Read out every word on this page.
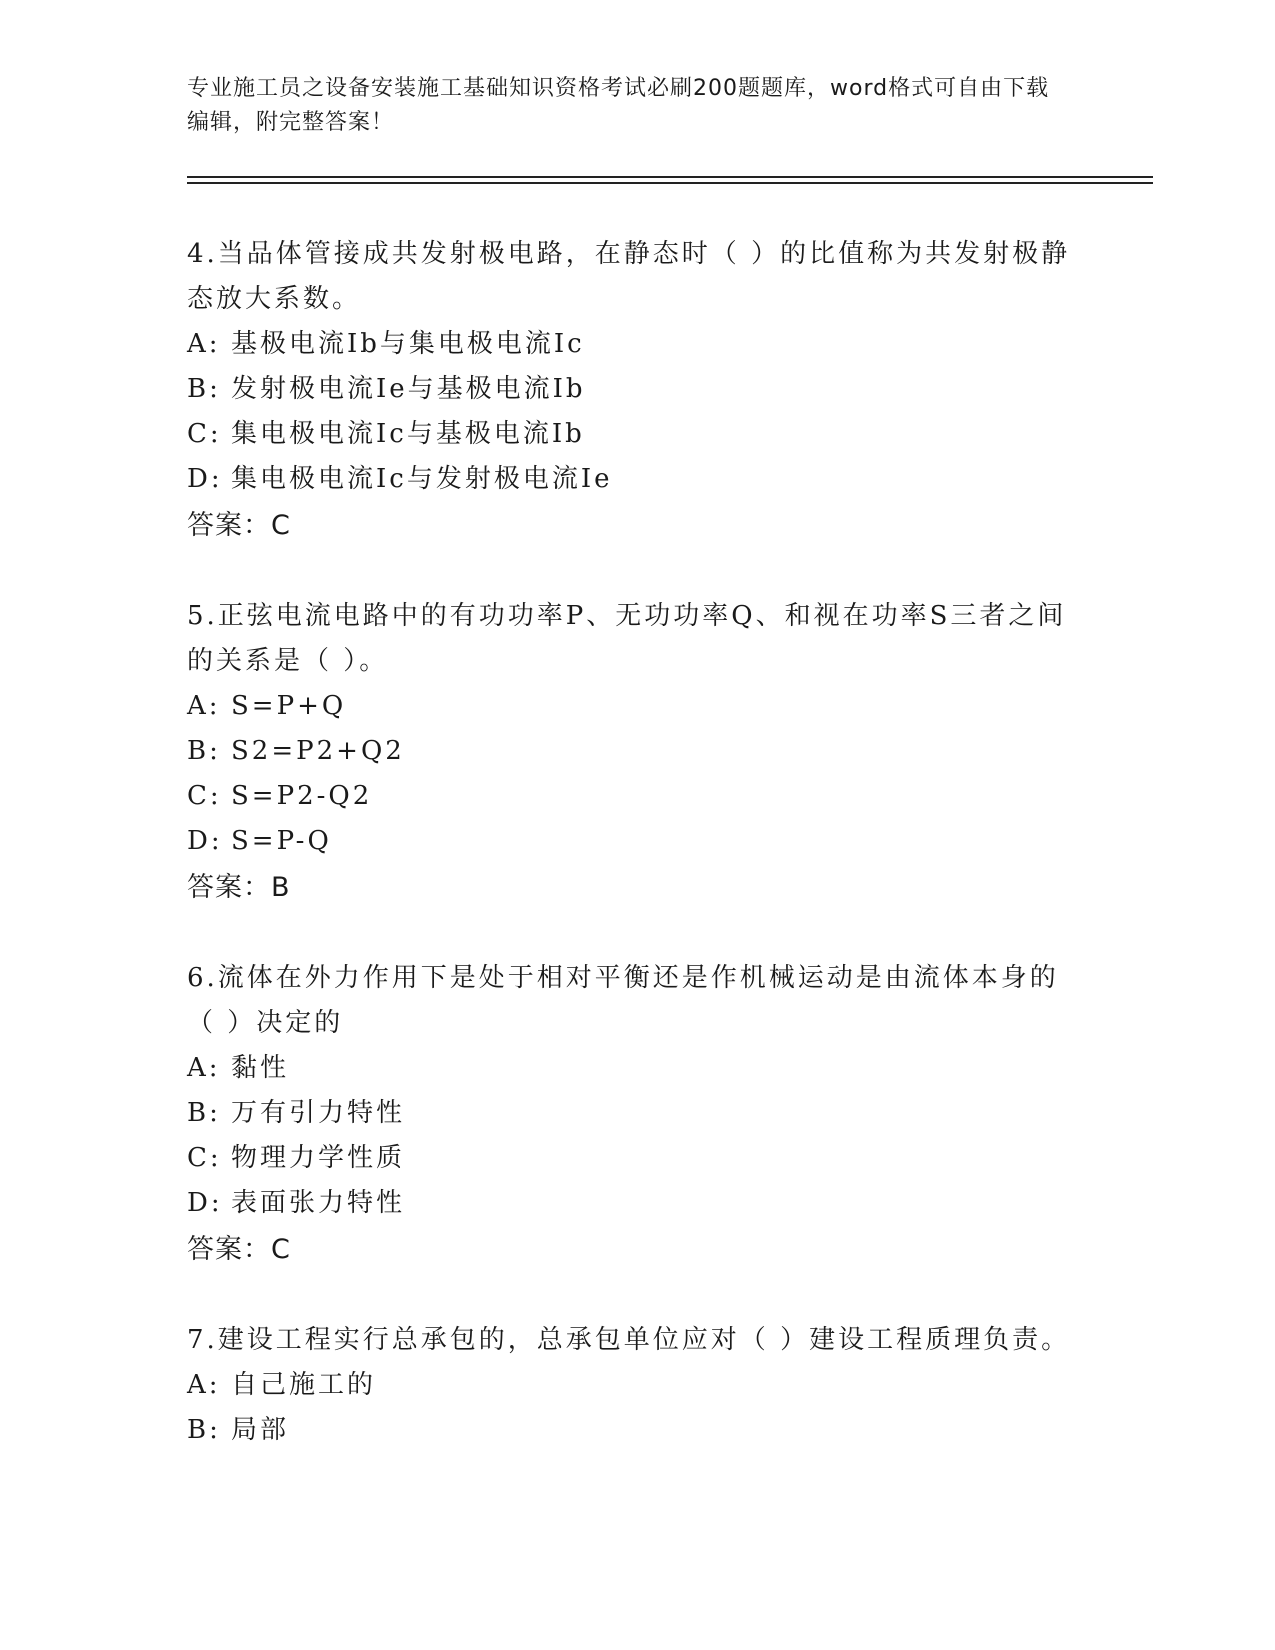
专业施工员之设备安装施工基础知识资格考试必刷200题题库，word格式可自由下载编辑，附完整答案！

4.当品体管接成共发射极电路，在静态时（ ）的比值称为共发射极静态放大系数。

A: 基极电流Ib与集电极电流Ic

B: 发射极电流Ie与基极电流Ib

C: 集电极电流Ic与基极电流Ib

D: 集电极电流Ic与发射极电流Ie

答案：C

5.正弦电流电路中的有功功率P、无功功率Q、和视在功率S三者之间的关系是（ ）。

A: S=P+Q

B: S2=P2+Q2

C: S=P2-Q2

D: S=P-Q

答案：B

6.流体在外力作用下是处于相对平衡还是作机械运动是由流体本身的（ ）决定的

A: 黏性

B: 万有引力特性

C: 物理力学性质

D: 表面张力特性

答案：C

7.建设工程实行总承包的，总承包单位应对（ ）建设工程质理负责。

A: 自己施工的

B: 局部
